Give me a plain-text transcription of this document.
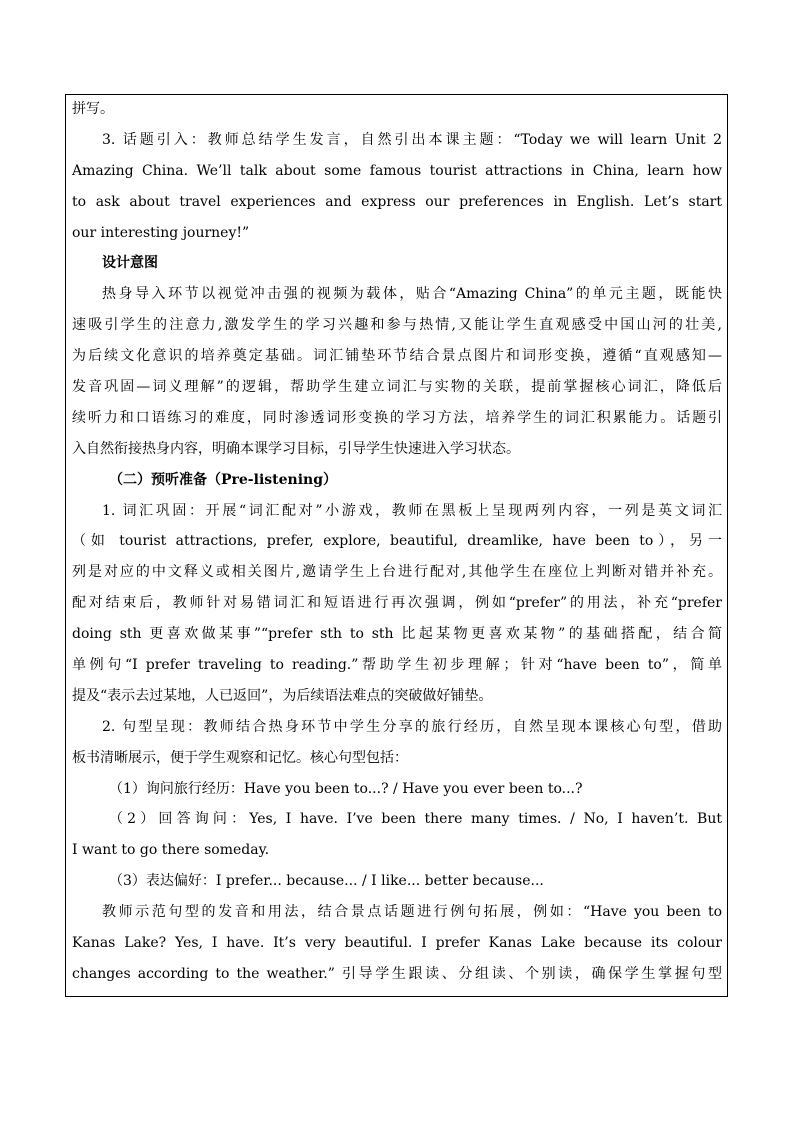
拼写。
3. 话题引入：教师总结学生发言，自然引出本课主题：“Today we will learn Unit 2
Amazing China. We’ll talk about some famous tourist attractions in China, learn how
to ask about travel experiences and express our preferences in English. Let’s start
our interesting journey!”
设计意图
热身导入环节以视觉冲击强的视频为载体，贴合“Amazing China”的单元主题，既能快
速吸引学生的注意力,激发学生的学习兴趣和参与热情,又能让学生直观感受中国山河的壮美,
为后续文化意识的培养奠定基础。词汇铺垫环节结合景点图片和词形变换，遵循“直观感知—
发音巩固—词义理解”的逻辑，帮助学生建立词汇与实物的关联，提前掌握核心词汇，降低后
续听力和口语练习的难度，同时渗透词形变换的学习方法，培养学生的词汇积累能力。话题引
入自然衔接热身内容，明确本课学习目标，引导学生快速进入学习状态。
（二）预听准备（Pre-listening）
1. 词汇巩固：开展“词汇配对”小游戏，教师在黑板上呈现两列内容，一列是英文词汇
（如 tourist attractions, prefer, explore, beautiful, dreamlike, have been to），另一
列是对应的中文释义或相关图片,邀请学生上台进行配对,其他学生在座位上判断对错并补充。
配对结束后，教师针对易错词汇和短语进行再次强调，例如“prefer”的用法，补充“prefer
doing sth 更喜欢做某事”“prefer sth to sth 比起某物更喜欢某物”的基础搭配，结合简
单例句“I prefer traveling to reading.”帮助学生初步理解；针对“have been to”，简单
提及“表示去过某地，人已返回”，为后续语法难点的突破做好铺垫。
2. 句型呈现：教师结合热身环节中学生分享的旅行经历，自然呈现本课核心句型，借助
板书清晰展示，便于学生观察和记忆。核心句型包括：
（1）询问旅行经历：Have you been to...? / Have you ever been to...?
（2）回答询问：Yes, I have. I’ve been there many times. / No, I haven’t. But
I want to go there someday.
（3）表达偏好：I prefer... because... / I like... better because...
教师示范句型的发音和用法，结合景点话题进行例句拓展，例如：“Have you been to
Kanas Lake? Yes, I have. It’s very beautiful. I prefer Kanas Lake because its colour
changes according to the weather.” 引导学生跟读、分组读、个别读，确保学生掌握句型
